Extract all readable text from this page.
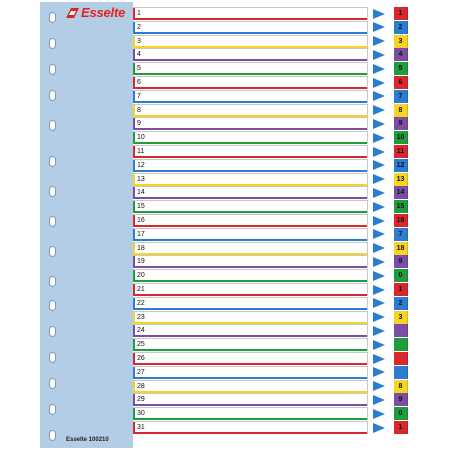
Esselte 1
2
3
4
5
6
7
8
9
10
11
12
13
14
15
16
17
18
19
20
21
22
23
24
25
26
27
28
29
30
31
1
2
3
4
5
6
7
8
9
10
11
12
13
14
15
16
7
18
9
0
1
2
3
8
9
0
1
Esselte 100210
